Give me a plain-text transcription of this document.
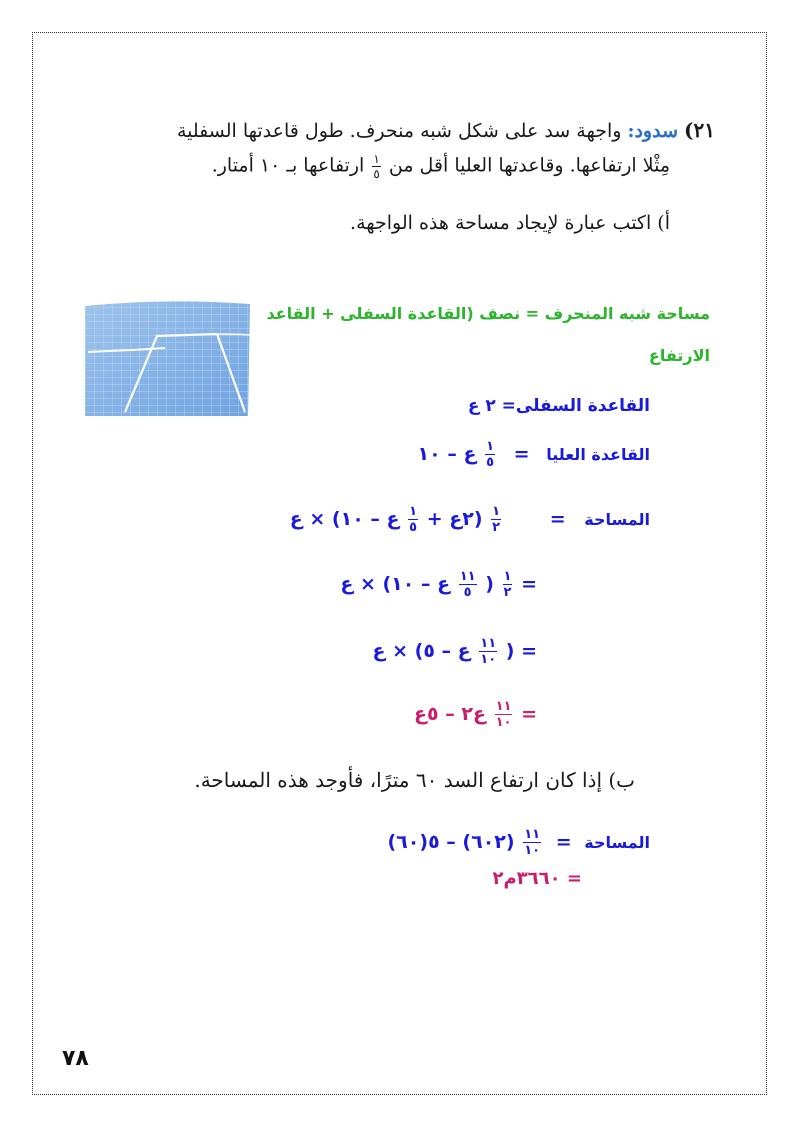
٢١) سدود: واجهة سد على شكل شبه منحرف. طول قاعدتها السفلية
مِثْلا ارتفاعها. وقاعدتها العليا أقل من
$\frac{١}{٥}$
ارتفاعها بـ ١٠ أمتار.
أ) اكتب عبارة لإيجاد مساحة هذه الواجهة.
مساحة شبه المنحرف = نصف (القاعدة السفلى + القاعد
الارتفاع
القاعدة السفلى= ٢ ع
القاعدة العليا =
$\frac{١}{٥}$
ع – ١٠
المساحة =
$\frac{١}{٢}$
(٢ع +
$\frac{١}{٥}$
ع – ١٠) × ع
=
$\frac{١}{٢}$
(
$\frac{١١}{٥}$
ع – ١٠) × ع
= (
$\frac{١١}{١٠}$
ع – ٥) × ع
=
$\frac{١١}{١٠}$
ع٢ – ٥ع
ب) إذا كان ارتفاع السد ٦٠ مترًا، فأوجد هذه المساحة.
المساحة =
$\frac{١١}{١٠}$
(٦٠٢) – ٥(٦٠)
= ٣٦٦٠م٢
٧٨
